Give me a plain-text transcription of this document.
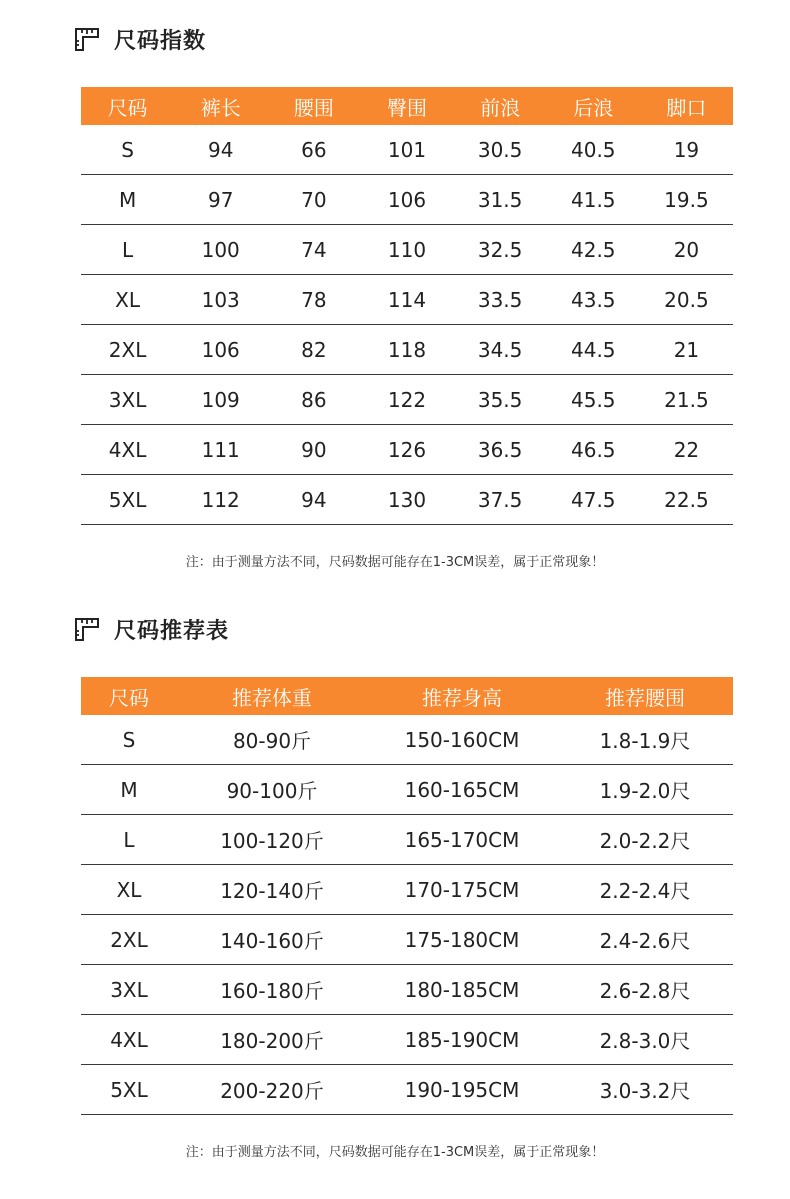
尺码指数
尺码	裤长	腰围	臀围	前浪	后浪	脚口
S	94	66	101	30.5	40.5	19
M	97	70	106	31.5	41.5	19.5
L	100	74	110	32.5	42.5	20
XL	103	78	114	33.5	43.5	20.5
2XL	106	82	118	34.5	44.5	21
3XL	109	86	122	35.5	45.5	21.5
4XL	111	90	126	36.5	46.5	22
5XL	112	94	130	37.5	47.5	22.5
注：由于测量方法不同，尺码数据可能存在1-3CM误差，属于正常现象！
尺码推荐表
尺码	推荐体重	推荐身高	推荐腰围
S	80-90斤	150-160CM	1.8-1.9尺
M	90-100斤	160-165CM	1.9-2.0尺
L	100-120斤	165-170CM	2.0-2.2尺
XL	120-140斤	170-175CM	2.2-2.4尺
2XL	140-160斤	175-180CM	2.4-2.6尺
3XL	160-180斤	180-185CM	2.6-2.8尺
4XL	180-200斤	185-190CM	2.8-3.0尺
5XL	200-220斤	190-195CM	3.0-3.2尺
注：由于测量方法不同，尺码数据可能存在1-3CM误差，属于正常现象！
